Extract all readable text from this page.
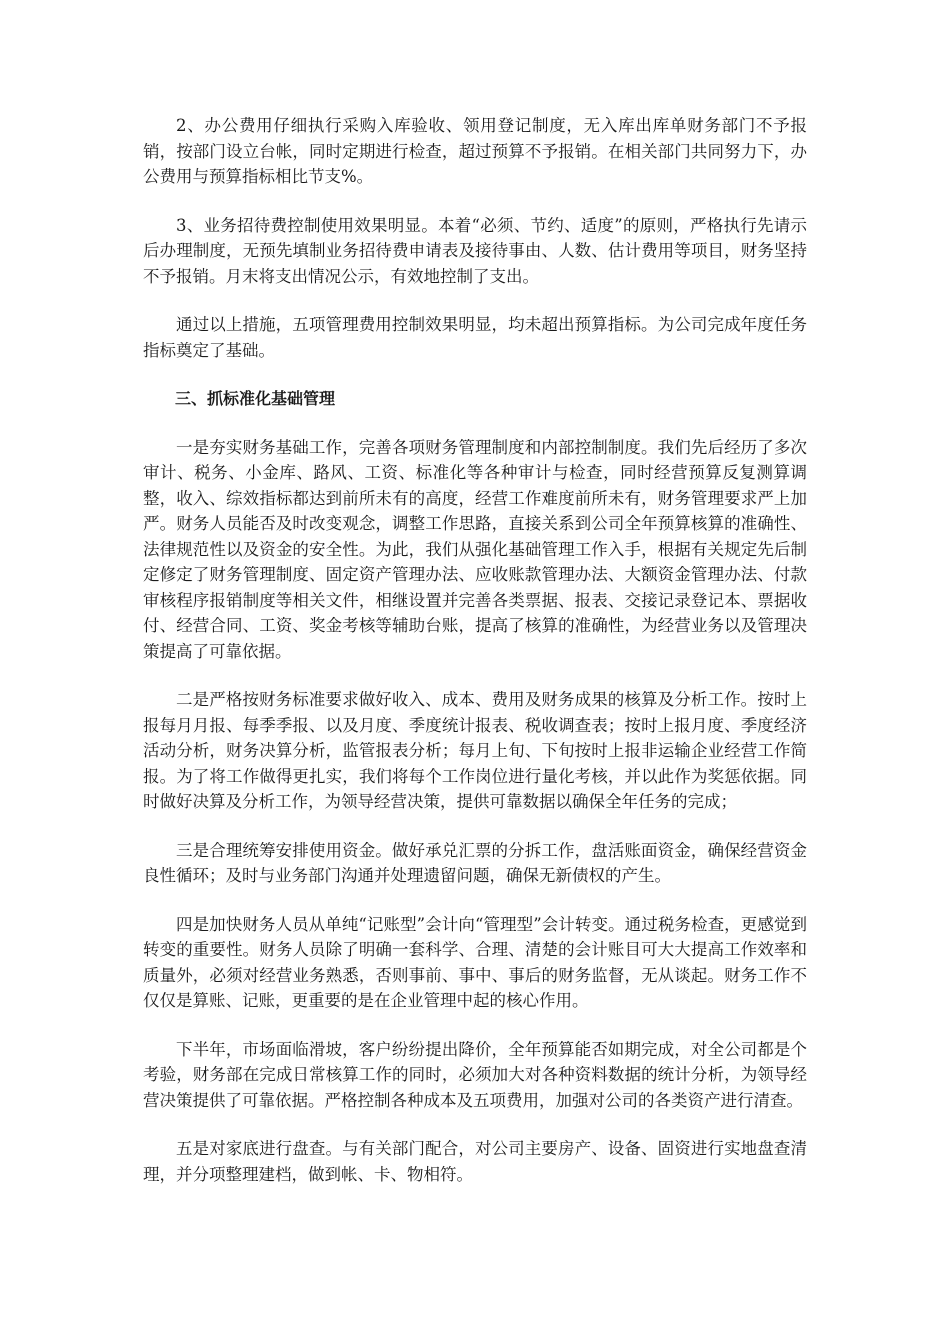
2、办公费用仔细执行采购入库验收、领用登记制度，无入库出库单财务部门不予报销，按部门设立台帐，同时定期进行检查，超过预算不予报销。在相关部门共同努力下，办公费用与预算指标相比节支%。

3、业务招待费控制使用效果明显。本着“必须、节约、适度”的原则，严格执行先请示后办理制度，无预先填制业务招待费申请表及接待事由、人数、估计费用等项目，财务坚持不予报销。月末将支出情况公示，有效地控制了支出。

通过以上措施，五项管理费用控制效果明显，均未超出预算指标。为公司完成年度任务指标奠定了基础。

三、抓标准化基础管理

一是夯实财务基础工作，完善各项财务管理制度和内部控制制度。我们先后经历了多次审计、税务、小金库、路风、工资、标准化等各种审计与检查，同时经营预算反复测算调整，收入、综效指标都达到前所未有的高度，经营工作难度前所未有，财务管理要求严上加严。财务人员能否及时改变观念，调整工作思路，直接关系到公司全年预算核算的准确性、法律规范性以及资金的安全性。为此，我们从强化基础管理工作入手，根据有关规定先后制定修定了财务管理制度、固定资产管理办法、应收账款管理办法、大额资金管理办法、付款审核程序报销制度等相关文件，相继设置并完善各类票据、报表、交接记录登记本、票据收付、经营合同、工资、奖金考核等辅助台账，提高了核算的准确性，为经营业务以及管理决策提高了可靠依据。

二是严格按财务标准要求做好收入、成本、费用及财务成果的核算及分析工作。按时上报每月月报、每季季报、以及月度、季度统计报表、税收调查表；按时上报月度、季度经济活动分析，财务决算分析，监管报表分析；每月上旬、下旬按时上报非运输企业经营工作简报。为了将工作做得更扎实，我们将每个工作岗位进行量化考核，并以此作为奖惩依据。同时做好决算及分析工作，为领导经营决策，提供可靠数据以确保全年任务的完成；

三是合理统筹安排使用资金。做好承兑汇票的分拆工作，盘活账面资金，确保经营资金良性循环；及时与业务部门沟通并处理遗留问题，确保无新债权的产生。

四是加快财务人员从单纯“记账型”会计向“管理型”会计转变。通过税务检查，更感觉到转变的重要性。财务人员除了明确一套科学、合理、清楚的会计账目可大大提高工作效率和质量外，必须对经营业务熟悉，否则事前、事中、事后的财务监督，无从谈起。财务工作不仅仅是算账、记账，更重要的是在企业管理中起的核心作用。

下半年，市场面临滑坡，客户纷纷提出降价，全年预算能否如期完成，对全公司都是个考验，财务部在完成日常核算工作的同时，必须加大对各种资料数据的统计分析，为领导经营决策提供了可靠依据。严格控制各种成本及五项费用，加强对公司的各类资产进行清查。

五是对家底进行盘查。与有关部门配合，对公司主要房产、设备、固资进行实地盘查清理，并分项整理建档，做到帐、卡、物相符。
